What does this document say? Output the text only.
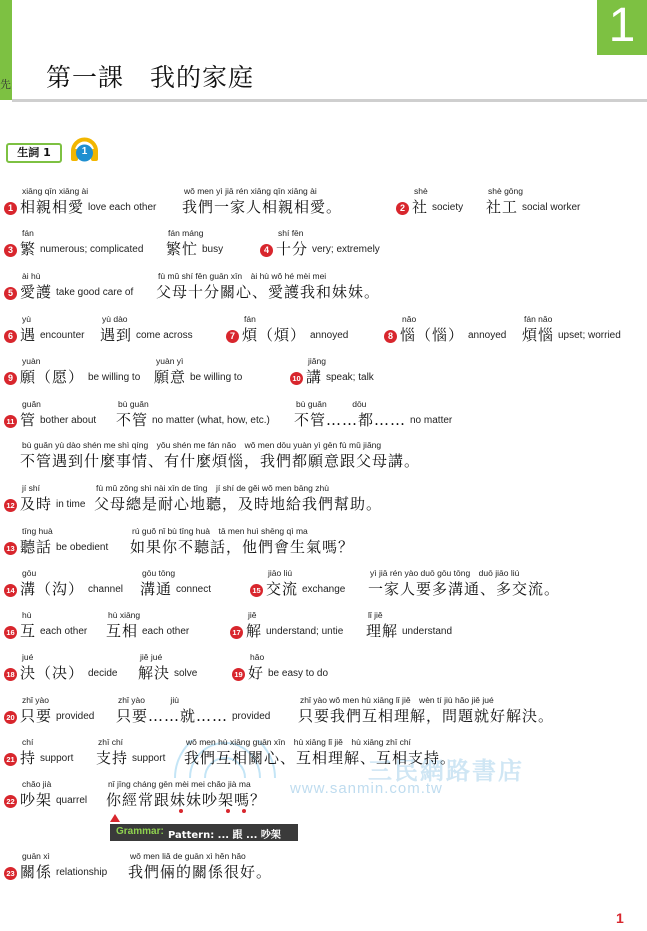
先 第一課　我的家庭
1
生詞 1	1
三民網路書店
www.sanmin.com.tw
1
xiāng qīn xiāng ài
相親相愛 love each other
wǒ men yì jiā rén xiāng qīn xiāng ài
我們一家人相親相愛。	2
shè
社 society
shè gōng
社工 social worker
3
fán
繁 numerous; complicated
fán máng
繁忙 busy	4
shí fēn
十分 very; extremely
5
ài hù
愛護 take good care of
fù mǔ shí fēn guān xīn　ài hù wǒ hé mèi mei
父母十分關心、愛護我和妹妹。
6
yù
遇 encounter
yù dào
遇到 come across	7
fán
煩（煩） annoyed	8
nǎo
惱（惱） annoyed
fán nǎo
煩惱 upset; worried
9
yuàn
願（愿） be willing to
yuàn yì
願意 be willing to	10
jiǎng
講 speak; talk
11
guǎn
管 bother about
bù guǎn
不管 no matter (what, how, etc.)
bù guǎn　　　dōu
不管……都…… no matter
bù guǎn yù dào shén me shì qíng　yǒu shén me fán nǎo　wǒ men dōu yuàn yì gēn fù mǔ jiǎng
不管遇到什麼事情、有什麼煩惱，我們都願意跟父母講。
12
jí shí
及時 in time
fù mǔ zǒng shì nài xīn de tīng　jí shí de gěi wǒ men bāng zhù
父母總是耐心地聽，及時地給我們幫助。
13
tīng huà
聽話 be obedient
rú guǒ nǐ bù tīng huà　tā men huì shēng qì ma
如果你不聽話，他們會生氣嗎？
14
gōu
溝（沟） channel
gōu tōng
溝通 connect	15
jiāo liú
交流 exchange
yì jiā rén yào duō gōu tōng　duō jiāo liú
一家人要多溝通、多交流。
16
hù
互 each other
hù xiāng
互相 each other	17
jiě
解 understand; untie
lǐ jiě
理解 understand
18
jué
決（决） decide
jiě jué
解決 solve	19
hǎo
好 be easy to do
20
zhǐ yào
只要 provided
zhǐ yào　　　jiù
只要……就…… provided
zhǐ yào wǒ men hù xiāng lǐ jiě　wèn tí jiù hǎo jiě jué
只要我們互相理解，問題就好解決。
21
chí
持 support
zhī chí
支持 support
wǒ men hù xiāng guān xīn　hù xiāng lǐ jiě　hù xiāng zhī chí
我們互相關心、互相理解、互相支持。
22
chǎo jià
吵架 quarrel
nǐ jīng cháng gēn mèi mei chǎo jià ma
你經常跟妹妹吵架嗎？
23
guān xì
關係 relationship
wǒ men liǎ de guān xì hěn hǎo
我們倆的關係很好。
Grammar: Pattern: ... 跟 ... 吵架
1
